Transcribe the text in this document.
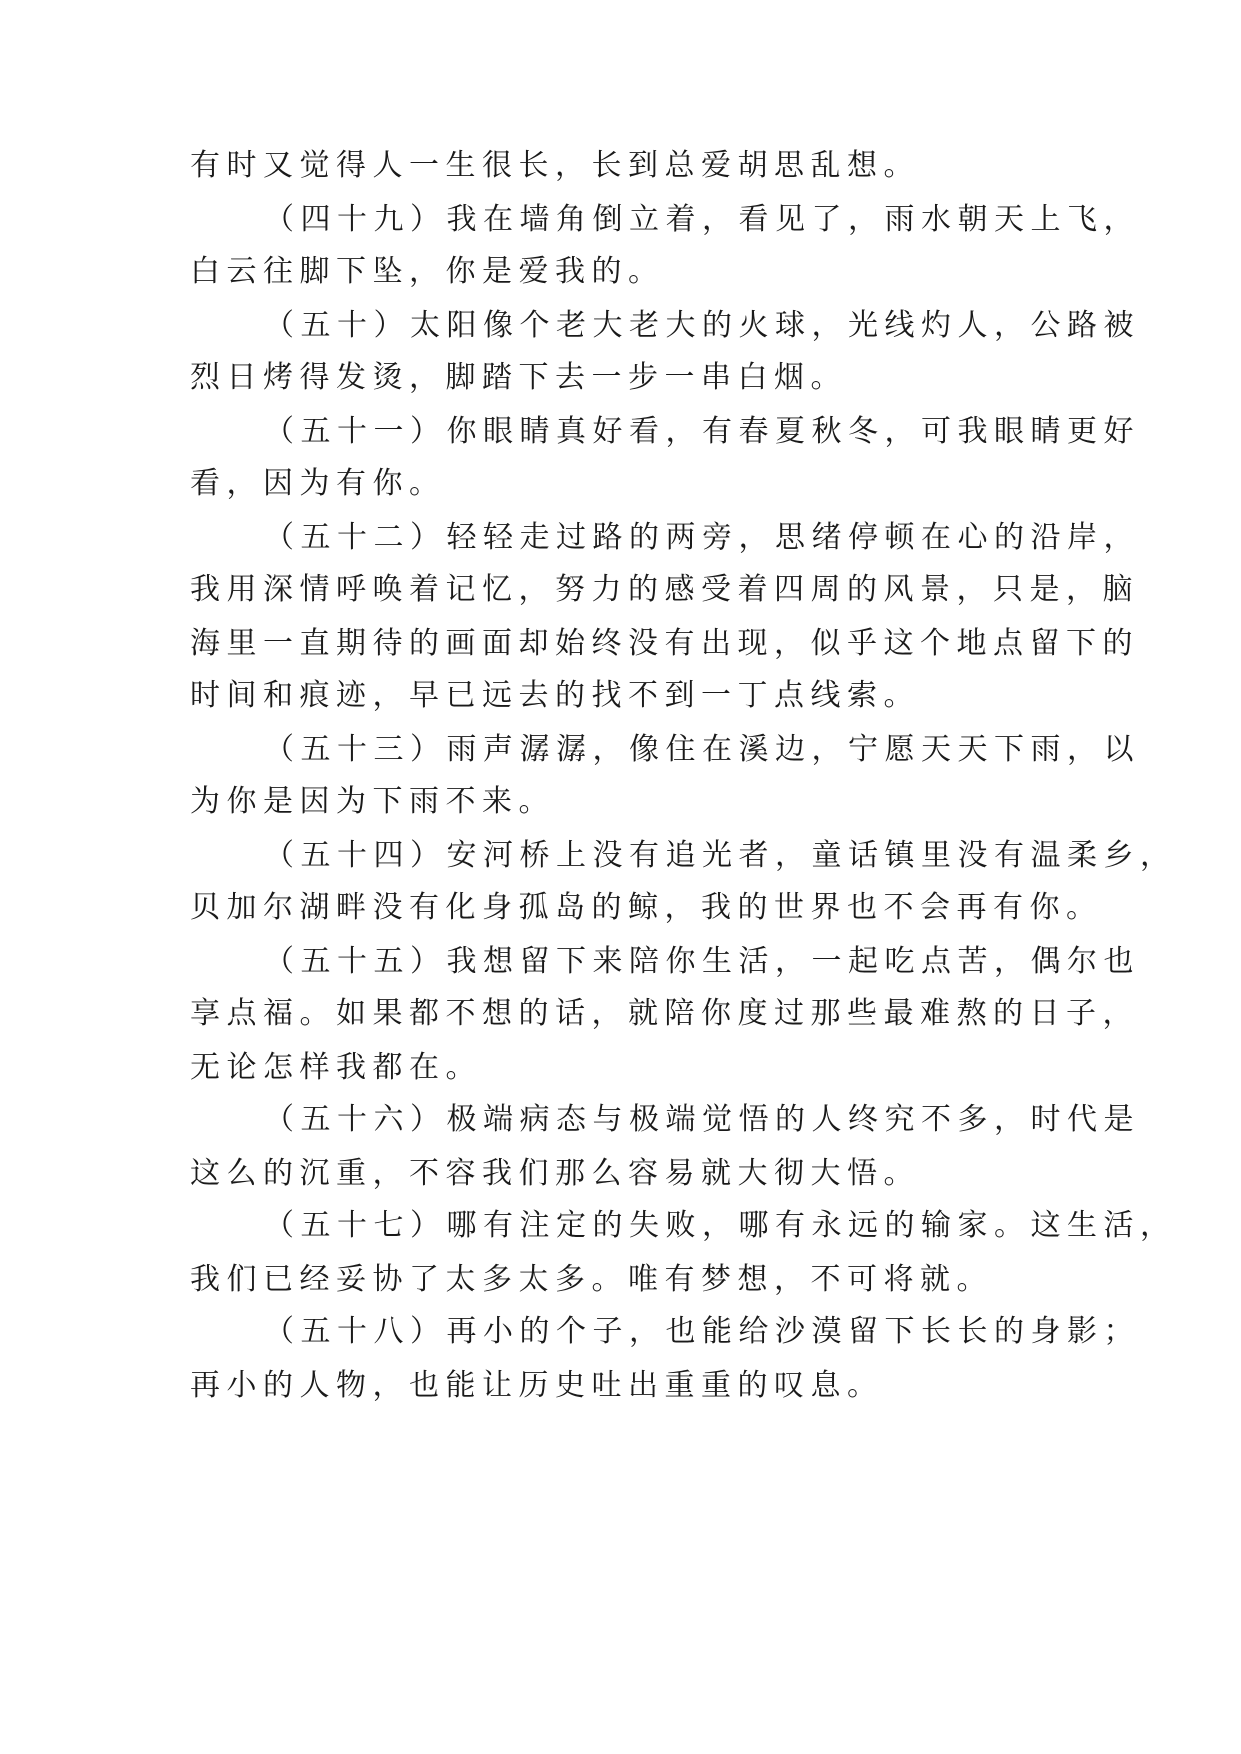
有时又觉得人一生很长，长到总爱胡思乱想。
（四十九）我在墙角倒立着，看见了，雨水朝天上飞，
白云往脚下坠，你是爱我的。
（五十）太阳像个老大老大的火球，光线灼人，公路被
烈日烤得发烫，脚踏下去一步一串白烟。
（五十一）你眼睛真好看，有春夏秋冬，可我眼睛更好
看，因为有你。
（五十二）轻轻走过路的两旁，思绪停顿在心的沿岸，
我用深情呼唤着记忆，努力的感受着四周的风景，只是，脑
海里一直期待的画面却始终没有出现，似乎这个地点留下的
时间和痕迹，早已远去的找不到一丁点线索。
（五十三）雨声潺潺，像住在溪边，宁愿天天下雨，以
为你是因为下雨不来。
（五十四）安河桥上没有追光者，童话镇里没有温柔乡，
贝加尔湖畔没有化身孤岛的鲸，我的世界也不会再有你。
（五十五）我想留下来陪你生活，一起吃点苦，偶尔也
享点福。如果都不想的话，就陪你度过那些最难熬的日子，
无论怎样我都在。
（五十六）极端病态与极端觉悟的人终究不多，时代是
这么的沉重，不容我们那么容易就大彻大悟。
（五十七）哪有注定的失败，哪有永远的输家。这生活，
我们已经妥协了太多太多。唯有梦想，不可将就。
（五十八）再小的个子，也能给沙漠留下长长的身影；
再小的人物，也能让历史吐出重重的叹息。
